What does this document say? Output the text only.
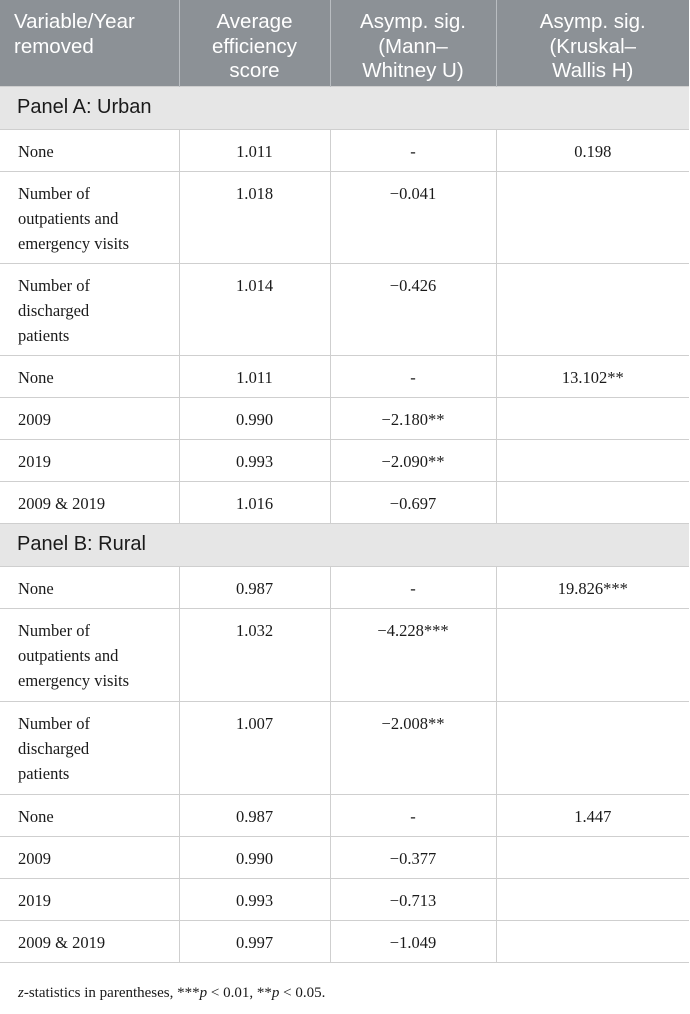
Variable/Year
removed	Average
efficiency
score	Asymp. sig.
(Mann–
Whitney U)	Asymp. sig.
(Kruskal–
Wallis H)

Panel A: Urban			
None	1.011	-	0.198

Number of
outpatients and
emergency visits	1.018	−0.041	

Number of
discharged
patients	1.014	−0.426	
None	1.011	-	13.102**
2009	0.990	−2.180**	
2019	0.993	−2.090**	
2009 & 2019	1.016	−0.697	
Panel B: Rural			
None	0.987	-	19.826***

Number of
outpatients and
emergency visits	1.032	−4.228***	

Number of
discharged
patients	1.007	−2.008**	
None	0.987	-	1.447
2009	0.990	−0.377	
2019	0.993	−0.713	
2009 & 2019	0.997	−1.049	
z-statistics in parentheses, ***p < 0.01, **p < 0.05.
